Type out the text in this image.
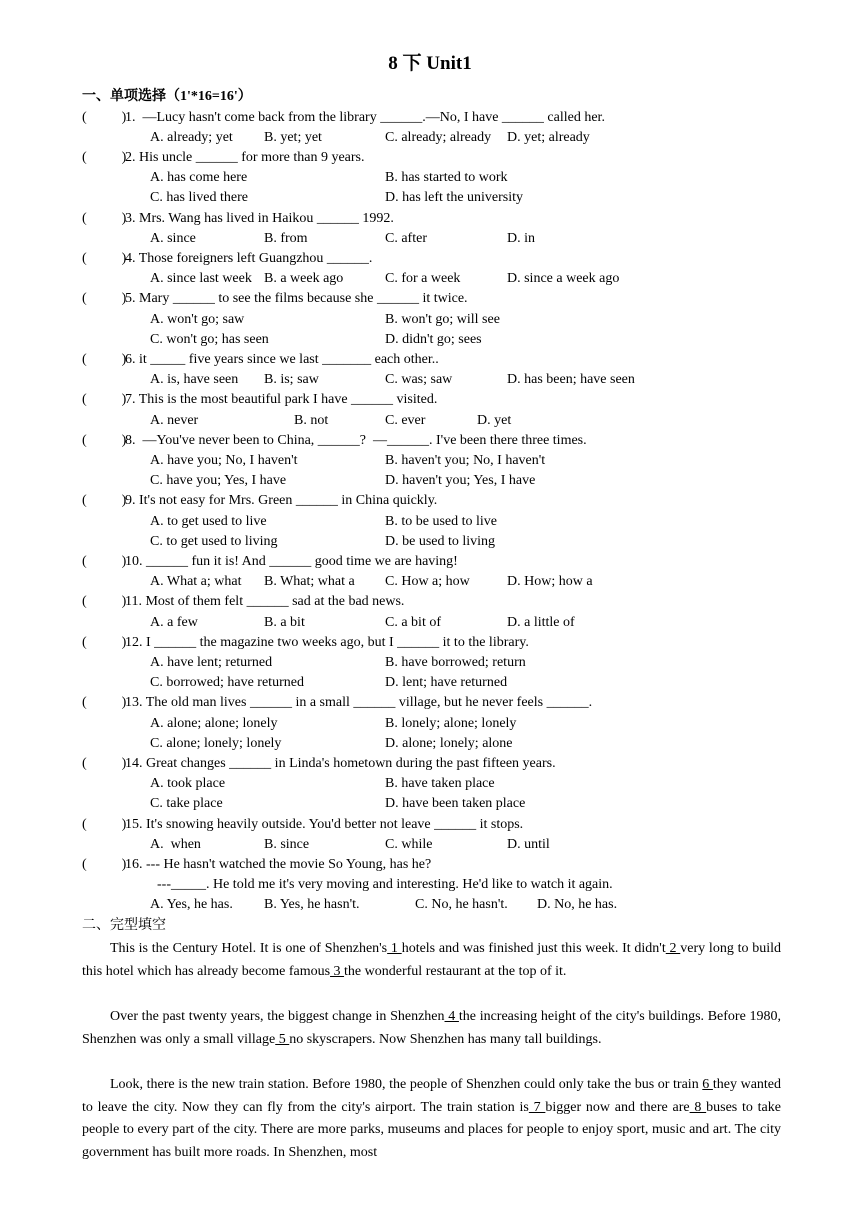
8 下 Unit1
一、单项选择（1'*16=16'）
(          )
1.  —Lucy hasn't come back from the library ______.—No, I have ______ called her.
A. already; yet B. yet; yet	C. already; already D. yet; already
(          )
2. His uncle ______ for more than 9 years.
A. has come here	B. has started to work
C. has lived there	D. has left the university
(          )
3. Mrs. Wang has lived in Haikou ______ 1992.
A. since	B. from	C. after	D. in
(          )
4. Those foreigners left Guangzhou ______.
A. since last week B. a week ago	C. for a week	D. since a week ago
(          )
5. Mary ______ to see the films because she ______ it twice.
A. won't go; saw	B. won't go; will see
C. won't go; has seen	D. didn't go; sees
(          )
6. it _____ five years since we last _______ each other..
A. is, have seen B. is; saw	C. was; saw	D. has been; have seen
(          )
7. This is the most beautiful park I have ______ visited.
A. never	B. not	C. ever	D. yet
(          )
8.  —You've never been to China, ______?  —______. I've been there three times.
A. have you; No, I haven't	B. haven't you; No, I haven't
C. have you; Yes, I have	D. haven't you; Yes, I have
(          )
9. It's not easy for Mrs. Green ______ in China quickly.
A. to get used to live	B. to be used to live
C. to get used to living	D. be used to living
(          )
10. ______ fun it is! And ______ good time we are having!
A. What a; what B. What; what a C. How a; how	D. How; how a
(          )
11. Most of them felt ______ sad at the bad news.
A. a few	B. a bit	C. a bit of	D. a little of
(          )
12. I ______ the magazine two weeks ago, but I ______ it to the library.
A. have lent; returned	B. have borrowed; return
C. borrowed; have returned	D. lent; have returned
(          )
13. The old man lives ______ in a small ______ village, but he never feels ______.
A. alone; alone; lonely	B. lonely; alone; lonely
C. alone; lonely; lonely	D. alone; lonely; alone
(          )
14. Great changes ______ in Linda's hometown during the past fifteen years.
A. took place	B. have taken place
C. take place	D. have been taken place
(          )
15. It's snowing heavily outside. You'd better not leave ______ it stops.
A.  when	B. since	C. while	D. until
(          )
16. --- He hasn't watched the movie So Young, has he?
---_____. He told me it's very moving and interesting. He'd like to watch it again.
A. Yes, he has. B. Yes, he hasn't.	C. No, he hasn't. D. No, he has.
二、完型填空
This is the Century Hotel. It is one of Shenzhen's 1 hotels and was finished just this week. It didn't 2 very long to build this hotel which has already become famous 3 the wonderful restaurant at the top of it.
Over the past twenty years, the biggest change in Shenzhen 4 the increasing height of the city's buildings. Before 1980, Shenzhen was only a small village 5 no skyscrapers. Now Shenzhen has many tall buildings.
Look, there is the new train station. Before 1980, the people of Shenzhen could only take the bus or train 6 they wanted to leave the city. Now they can fly from the city's airport. The train station is 7 bigger now and there are 8 buses to take people to every part of the city. There are more parks, museums and places for people to enjoy sport, music and art. The city government has built more roads. In Shenzhen, most
